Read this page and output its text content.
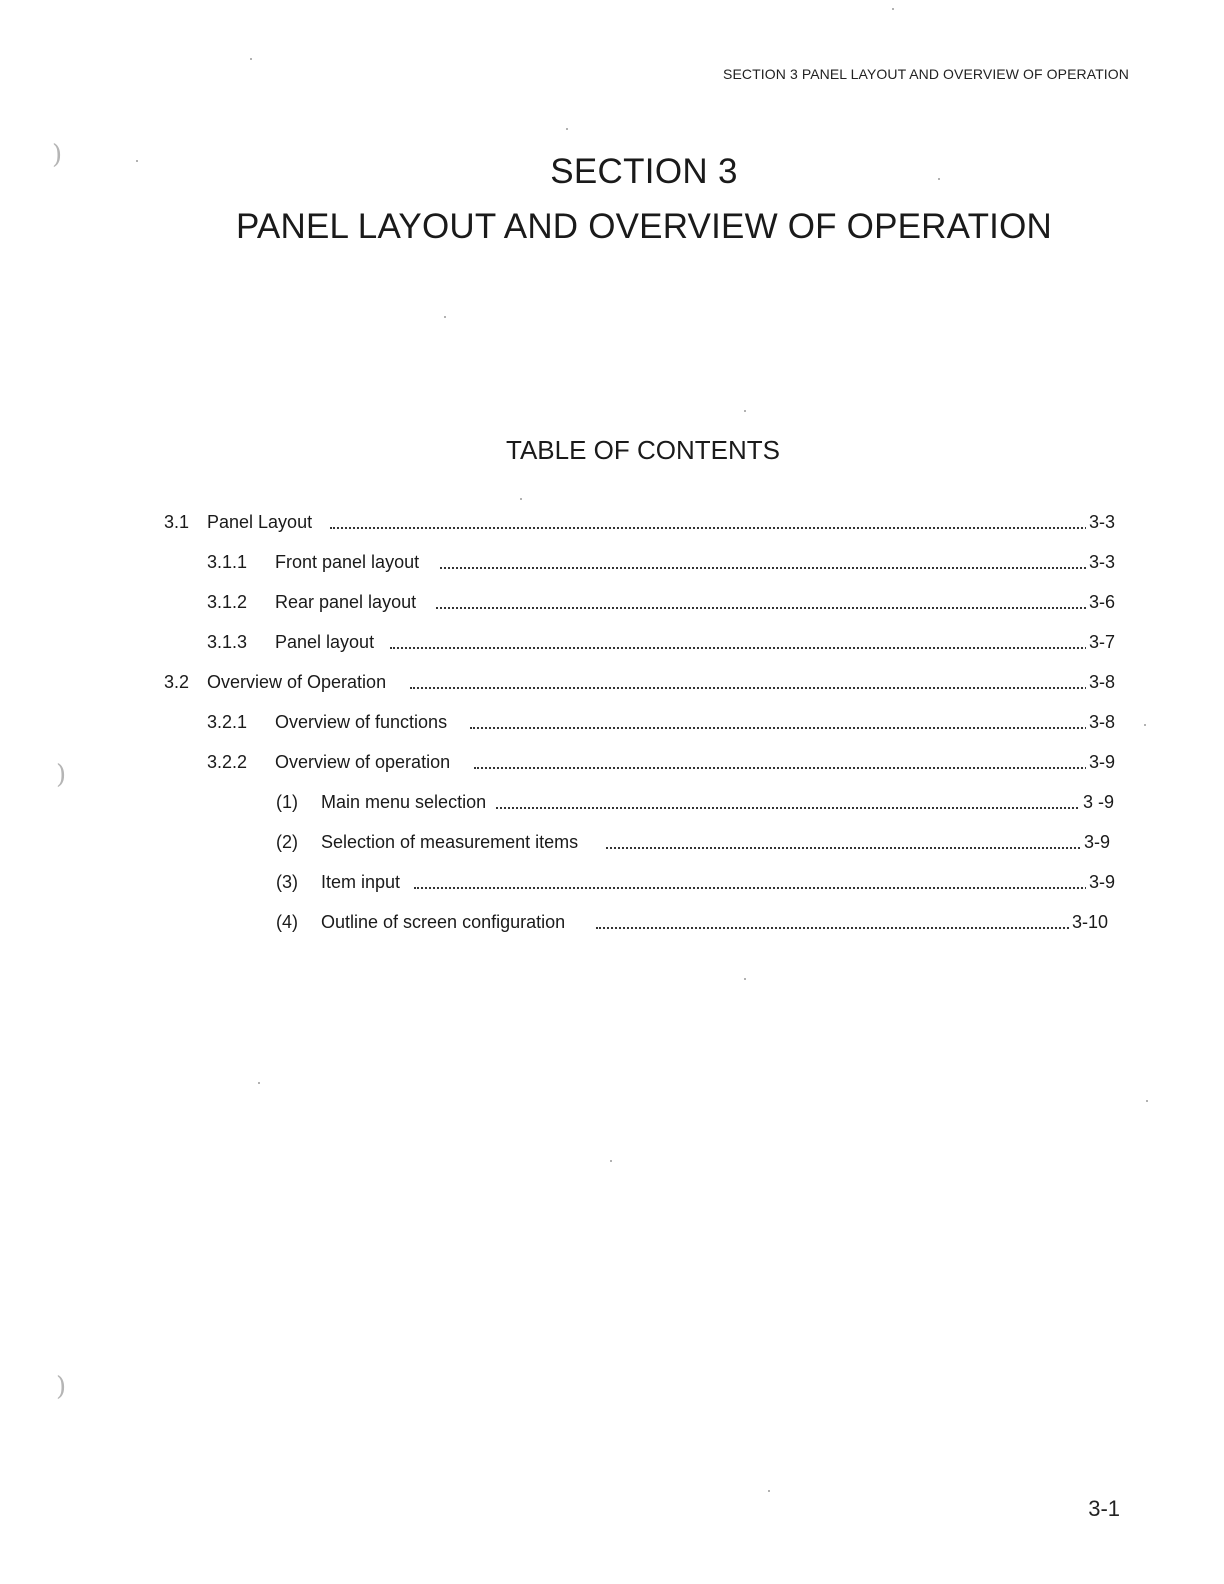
SECTION 3 PANEL LAYOUT AND OVERVIEW OF OPERATION
SECTION 3
PANEL LAYOUT AND OVERVIEW OF OPERATION
TABLE OF CONTENTS
3.1 Panel Layout	3-3
3.1.1 Front panel layout	3-3
3.1.2 Rear panel layout	3-6
3.1.3 Panel layout	3-7
3.2 Overview of Operation	3-8
3.2.1 Overview of functions	3-8
3.2.2 Overview of operation	3-9
(1) Main menu selection	3 -9
(2) Selection of measurement items	3-9
(3) Item input	3-9
(4) Outline of screen configuration	3-10
3-1
)
)
)
